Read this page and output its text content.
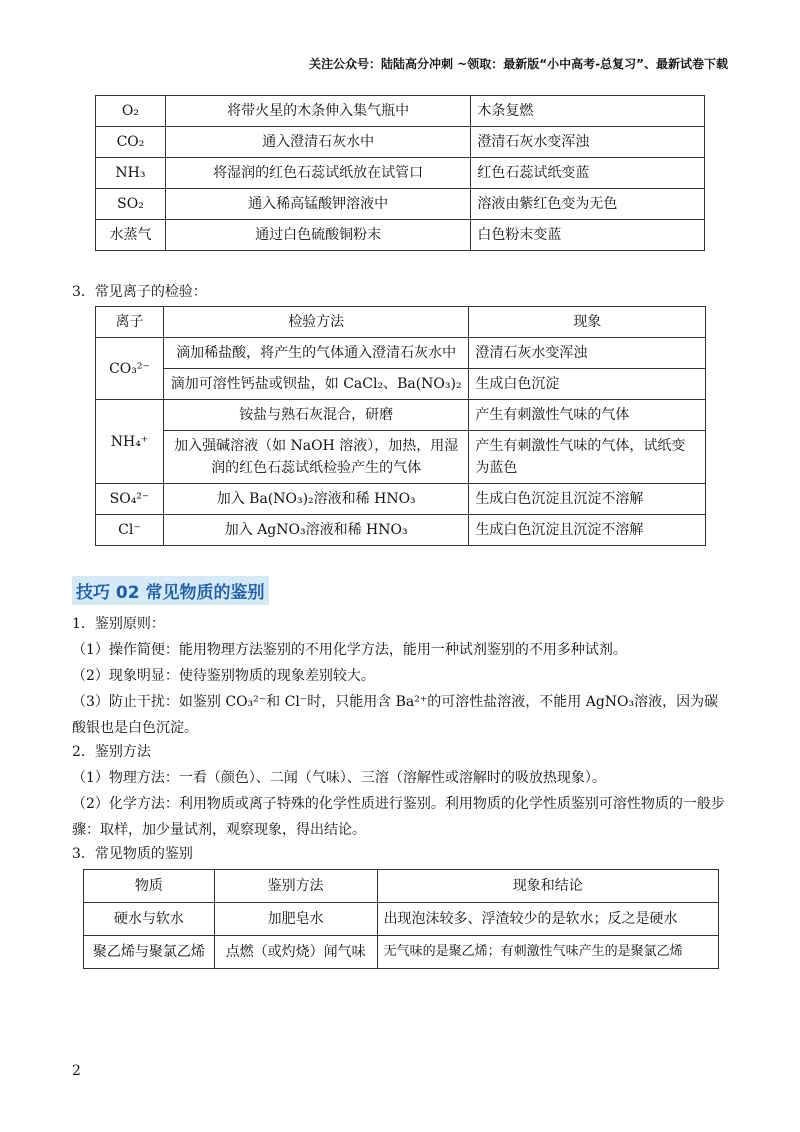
关注公众号：陆陆高分冲刺 ~领取：最新版“小中高考-总复习”、最新试卷下载
O₂	将带火星的木条伸入集气瓶中	木条复燃
CO₂	通入澄清石灰水中	澄清石灰水变浑浊
NH₃	将湿润的红色石蕊试纸放在试管口	红色石蕊试纸变蓝
SO₂	通入稀高锰酸钾溶液中	溶液由紫红色变为无色
水蒸气	通过白色硫酸铜粉末	白色粉末变蓝
3．常见离子的检验：
离子	检验方法	现象
CO₃²⁻	滴加稀盐酸，将产生的气体通入澄清石灰水中	澄清石灰水变浑浊
	滴加可溶性钙盐或钡盐，如 CaCl₂、Ba(NO₃)₂	生成白色沉淀
NH₄⁺	铵盐与熟石灰混合，研磨	产生有刺激性气味的气体
	加入强碱溶液（如 NaOH 溶液），加热，用湿润的红色石蕊试纸检验产生的气体	产生有刺激性气味的气体，试纸变为蓝色
SO₄²⁻	加入 Ba(NO₃)₂溶液和稀 HNO₃	生成白色沉淀且沉淀不溶解
Cl⁻	加入 AgNO₃溶液和稀 HNO₃	生成白色沉淀且沉淀不溶解
技巧 02 常见物质的鉴别
1．鉴别原则：
（1）操作简便：能用物理方法鉴别的不用化学方法，能用一种试剂鉴别的不用多种试剂。
（2）现象明显：使待鉴别物质的现象差别较大。
（3）防止干扰：如鉴别 CO₃²⁻和 Cl⁻时，只能用含 Ba²⁺的可溶性盐溶液，不能用 AgNO₃溶液，因为碳酸银也是白色沉淀。
2．鉴别方法
（1）物理方法：一看（颜色）、二闻（气味）、三溶（溶解性或溶解时的吸放热现象）。
（2）化学方法：利用物质或离子特殊的化学性质进行鉴别。利用物质的化学性质鉴别可溶性物质的一般步骤：取样，加少量试剂，观察现象，得出结论。
3．常见物质的鉴别
物质	鉴别方法	现象和结论
硬水与软水	加肥皂水	出现泡沫较多、浮渣较少的是软水；反之是硬水
聚乙烯与聚氯乙烯	点燃（或灼烧）闻气味	无气味的是聚乙烯；有刺激性气味产生的是聚氯乙烯
2
